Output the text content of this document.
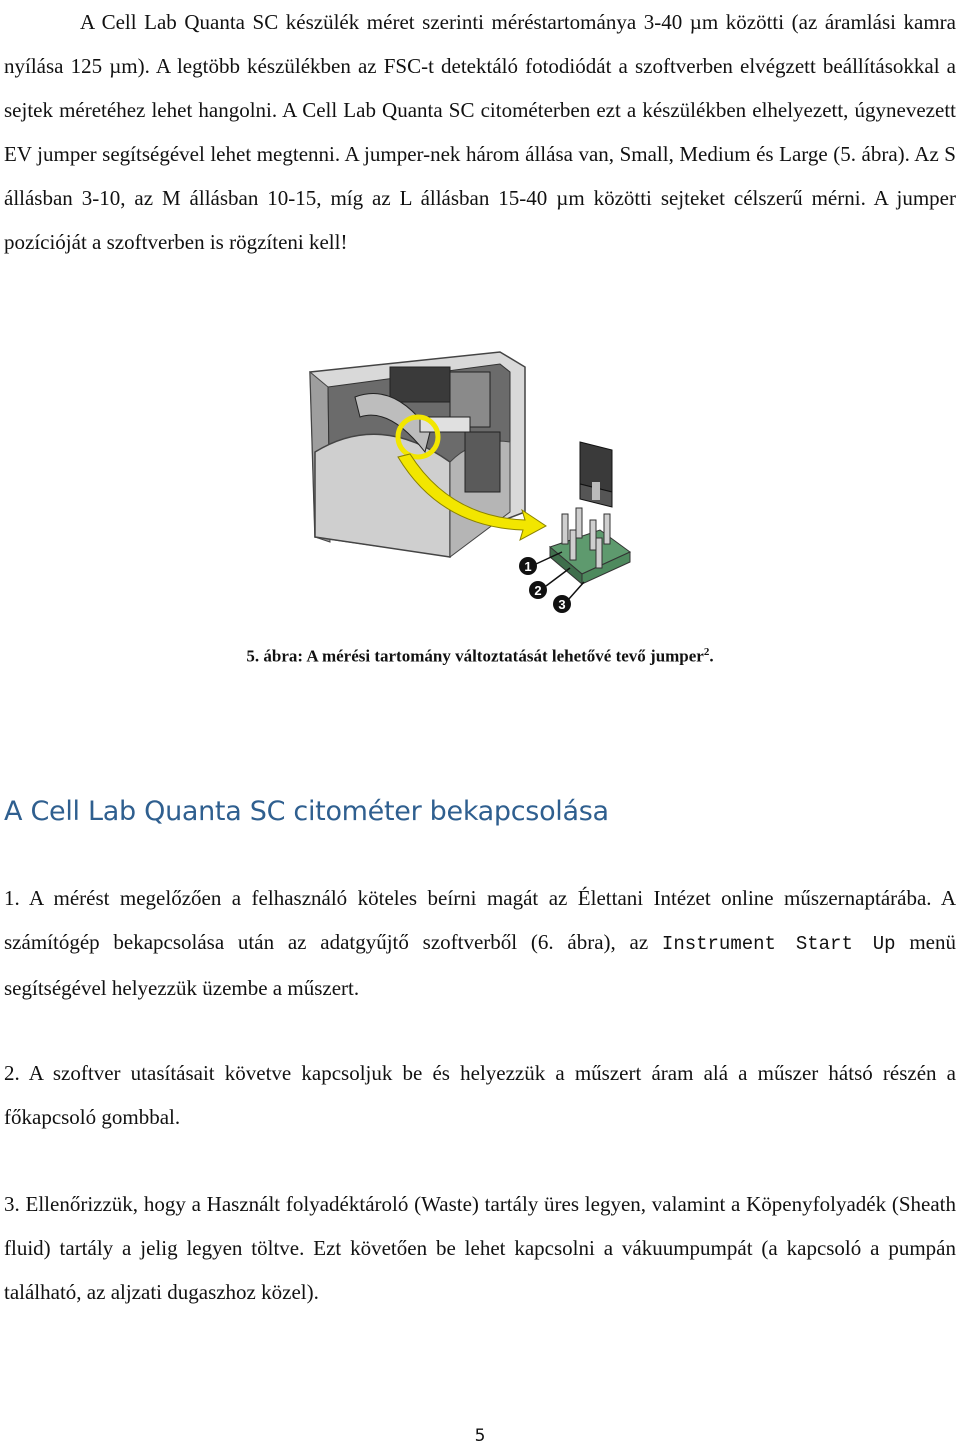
A Cell Lab Quanta SC készülék méret szerinti méréstartománya 3-40 µm közötti (az áramlási kamra nyílása 125 µm). A legtöbb készülékben az FSC-t detektáló fotodiódát a szoftverben elvégzett beállításokkal a sejtek méretéhez lehet hangolni. A Cell Lab Quanta SC citométerben ezt a készülékben elhelyezett, úgynevezett EV jumper segítségével lehet megtenni. A jumper-nek három állása van, Small, Medium és Large (5. ábra). Az S állásban 3-10, az M állásban 10-15, míg az L állásban 15-40 µm közötti sejteket célszerű mérni. A jumper pozícióját a szoftverben is rögzíteni kell!

1
2
3
5. ábra: A mérési tartomány változtatását lehetővé tevő jumper$^2$.
A Cell Lab Quanta SC citométer bekapcsolása

1. A mérést megelőzően a felhasználó köteles beírni magát az Élettani Intézet online műszernaptárába. A számítógép bekapcsolása után az adatgyűjtő szoftverből (6. ábra), az Instrument Start Up menü segítségével helyezzük üzembe a műszert.

2. A szoftver utasításait követve kapcsoljuk be és helyezzük a műszert áram alá a műszer hátsó részén a főkapcsoló gombbal.

3. Ellenőrizzük, hogy a Használt folyadéktároló (Waste) tartály üres legyen, valamint a Köpenyfolyadék (Sheath fluid) tartály a jelig legyen töltve. Ezt követően be lehet kapcsolni a vákuumpumpát (a kapcsoló a pumpán található, az aljzati dugaszhoz közel).

5
